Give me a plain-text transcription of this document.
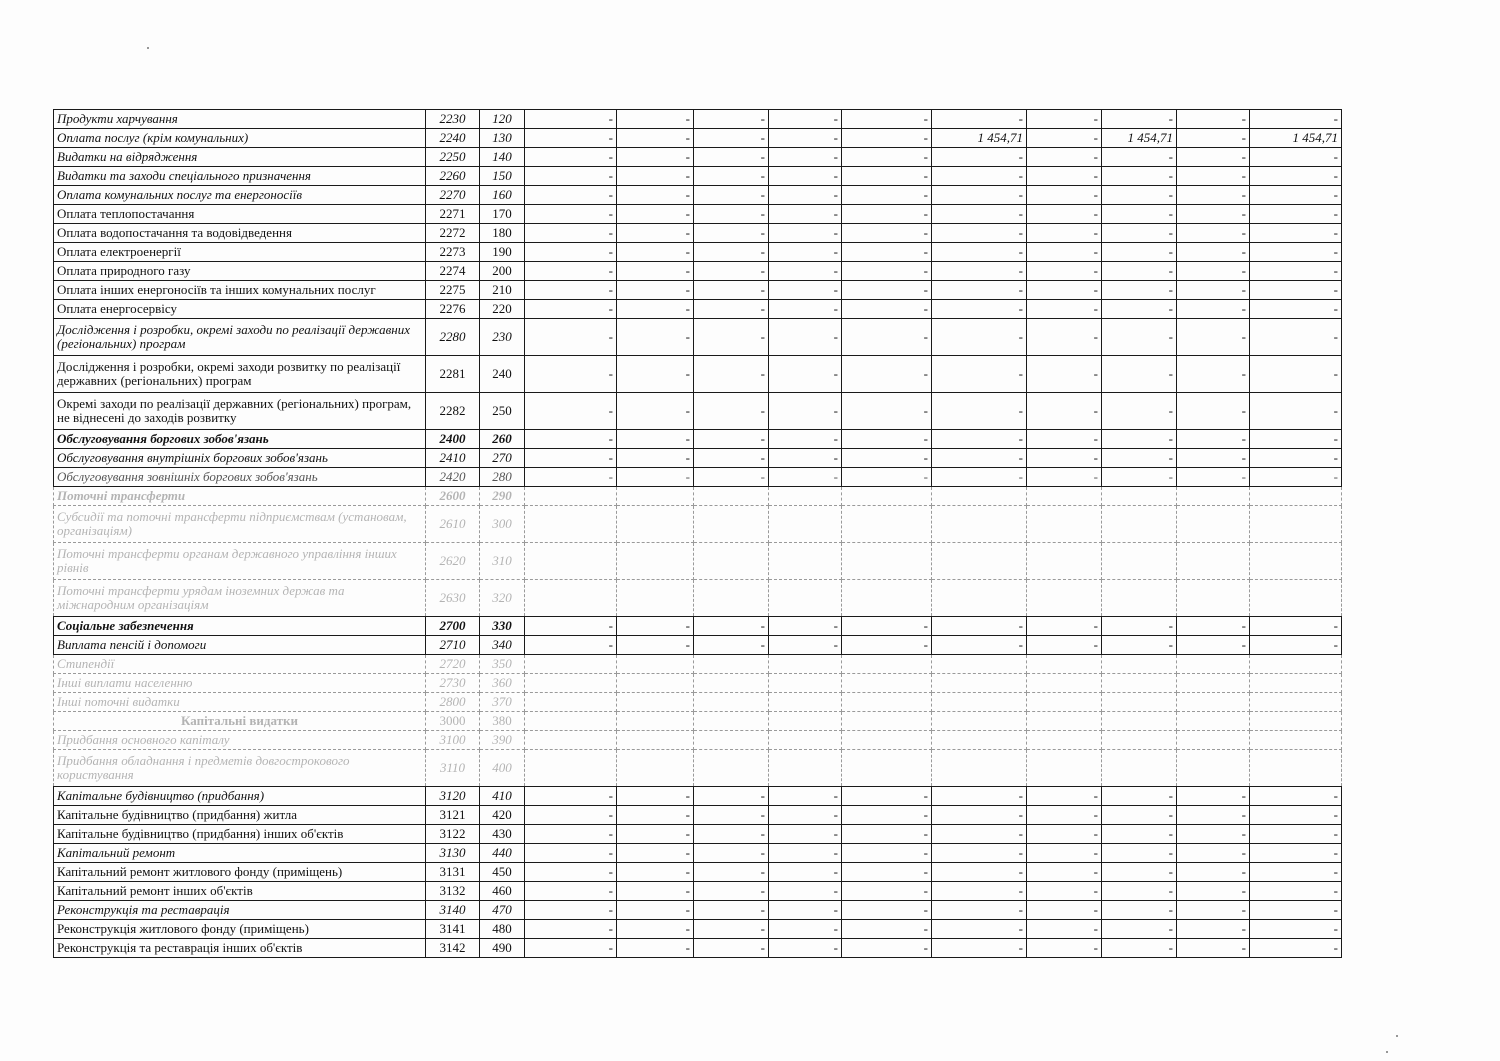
Продукти харчування	2230	120	-	-	-	-	-	-	-	-	-	-	
Оплата послуг (крім комунальних)	2240	130	-	-	-	-	-	1 454,71	-	1 454,71	-	1 454,71	
Видатки на відрядження	2250	140	-	-	-	-	-	-	-	-	-	-	
Видатки та заходи спеціального призначення	2260	150	-	-	-	-	-	-	-	-	-	-	
Оплата комунальних послуг та енергоносіїв	2270	160	-	-	-	-	-	-	-	-	-	-	
Оплата теплопостачання	2271	170	-	-	-	-	-	-	-	-	-	-	
Оплата водопостачання та водовідведення	2272	180	-	-	-	-	-	-	-	-	-	-	
Оплата електроенергії	2273	190	-	-	-	-	-	-	-	-	-	-	
Оплата природного газу	2274	200	-	-	-	-	-	-	-	-	-	-	
Оплата інших енергоносіїв та інших комунальних послуг	2275	210	-	-	-	-	-	-	-	-	-	-	
Оплата енергосервісу	2276	220	-	-	-	-	-	-	-	-	-	-	
Дослідження і розробки, окремі заходи по реалізації державних (регіональних) програм	2280	230	-	-	-	-	-	-	-	-	-	-	
Дослідження і розробки, окремі заходи розвитку по реалізації державних (регіональних) програм	2281	240	-	-	-	-	-	-	-	-	-	-	
Окремі заходи по реалізації державних (регіональних) програм, не віднесені до заходів розвитку	2282	250	-	-	-	-	-	-	-	-	-	-	
Обслуговування боргових зобов'язань	2400	260	-	-	-	-	-	-	-	-	-	-	
Обслуговування внутрішніх боргових зобов'язань	2410	270	-	-	-	-	-	-	-	-	-	-	
Обслуговування зовнішніх боргових зобов'язань	2420	280	-	-	-	-	-	-	-	-	-	-	
Поточні трансферти	2600	290											
Субсидії та поточні трансферти підприємствам (установам, організаціям)	2610	300											
Поточні трансферти органам державного управління інших рівнів	2620	310											
Поточні трансферти урядам іноземних держав та міжнародним організаціям	2630	320											
Соціальне забезпечення	2700	330	-	-	-	-	-	-	-	-	-	-	
Виплата пенсій і допомоги	2710	340	-	-	-	-	-	-	-	-	-	-	
Стипендії	2720	350											
Інші виплати населенню	2730	360											
Інші поточні видатки	2800	370											
Капітальні видатки	3000	380											
Придбання основного капіталу	3100	390											
Придбання обладнання і предметів довгострокового користування	3110	400											
Капітальне будівництво (придбання)	3120	410	-	-	-	-	-	-	-	-	-	-	
Капітальне будівництво (придбання) житла	3121	420	-	-	-	-	-	-	-	-	-	-	
Капітальне будівництво (придбання) інших об'єктів	3122	430	-	-	-	-	-	-	-	-	-	-	
Капітальний ремонт	3130	440	-	-	-	-	-	-	-	-	-	-	
Капітальний ремонт житлового фонду (приміщень)	3131	450	-	-	-	-	-	-	-	-	-	-	
Капітальний ремонт інших об'єктів	3132	460	-	-	-	-	-	-	-	-	-	-	
Реконструкція та реставрація	3140	470	-	-	-	-	-	-	-	-	-	-	
Реконструкція житлового фонду (приміщень)	3141	480	-	-	-	-	-	-	-	-	-	-	
Реконструкція та реставрація інших об'єктів	3142	490	-	-	-	-	-	-	-	-	-	-	
